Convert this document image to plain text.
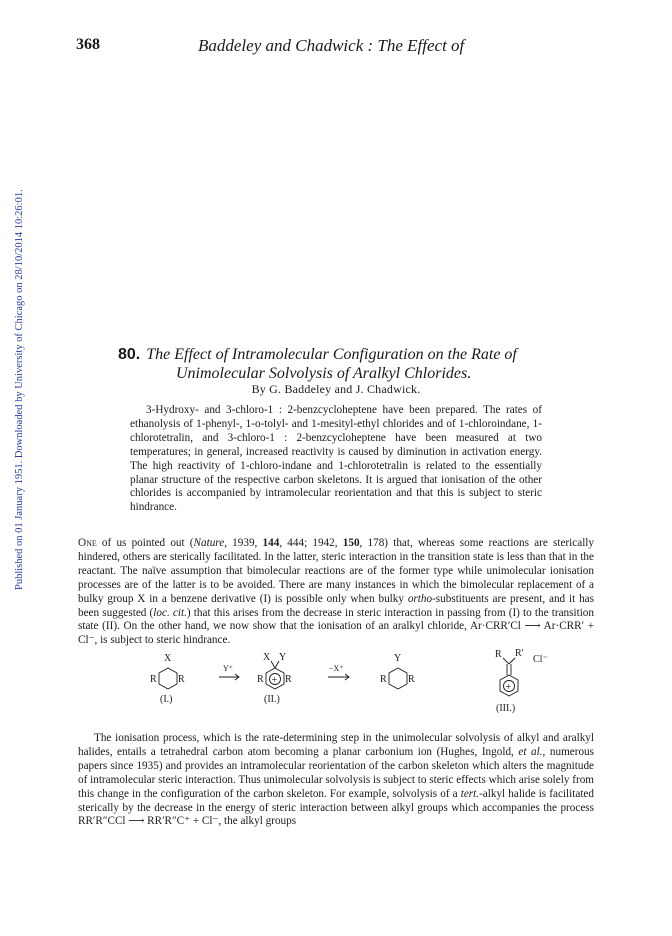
368	Baddeley and Chadwick : The Effect of
Published on 01 January 1951. Downloaded by University of Chicago on 28/10/2014 10:26:01.	80. The Effect of Intramolecular Configuration on the Rate of
Unimolecular Solvolysis of Aralkyl Chlorides.
By G. Baddeley and J. Chadwick.

3-Hydroxy- and 3-chloro-1 : 2-benzcycloheptene have been prepared. The rates of ethanolysis of 1-phenyl-, 1-o-tolyl- and 1-mesityl-ethyl chlorides and of 1-chloroindane, 1-chlorotetralin, and 3-chloro-1 : 2-benzcycloheptene have been measured at two temperatures; in general, increased reactivity is caused by diminution in activation energy. The high reactivity of 1-chloro-indane and 1-chlorotetralin is related to the essentially planar structure of the respective carbon skeletons. It is argued that ionisation of the other chlorides is accompanied by intramolecular reorientation and that this is subject to steric hindrance.

One of us pointed out (Nature, 1939, 144, 444; 1942, 150, 178) that, whereas some reactions are sterically hindered, others are sterically facilitated. In the latter, steric interaction in the transition state is less than that in the reactant. The naïve assumption that bimolecular reactions are of the former type while unimolecular ionisation processes are of the latter is to be avoided. There are many instances in which the bimolecular replacement of a bulky group X in a benzene derivative (I) is possible only when bulky ortho-substituents are present, and it has been suggested (loc. cit.) that this arises from the decrease in steric interaction in passing from (I) to the transition state (II). On the other hand, we now show that the ionisation of an aralkyl chloride, Ar·CRR′Cl ⟶ Ar·CRR′ + Cl⁻, is subject to steric hindrance.

X
R R
(I.)
Y⁺
X Y
R R
+
(II.)
−X⁺
Y
R R
R R′
Cl⁻
+
(III.)

The ionisation process, which is the rate-determining step in the unimolecular solvolysis of alkyl and aralkyl halides, entails a tetrahedral carbon atom becoming a planar carbonium ion (Hughes, Ingold, et al., numerous papers since 1935) and provides an intramolecular reorientation of the carbon skeleton which alters the magnitude of intramolecular steric interaction. Thus unimolecular solvolysis is subject to steric effects which arise solely from this change in the configuration of the carbon skeleton. For example, solvolysis of a tert.-alkyl halide is facilitated sterically by the decrease in the energy of steric interaction between alkyl groups which accompanies the process RR′R″CCl ⟶ RR′R″C⁺ + Cl⁻, the alkyl groups
